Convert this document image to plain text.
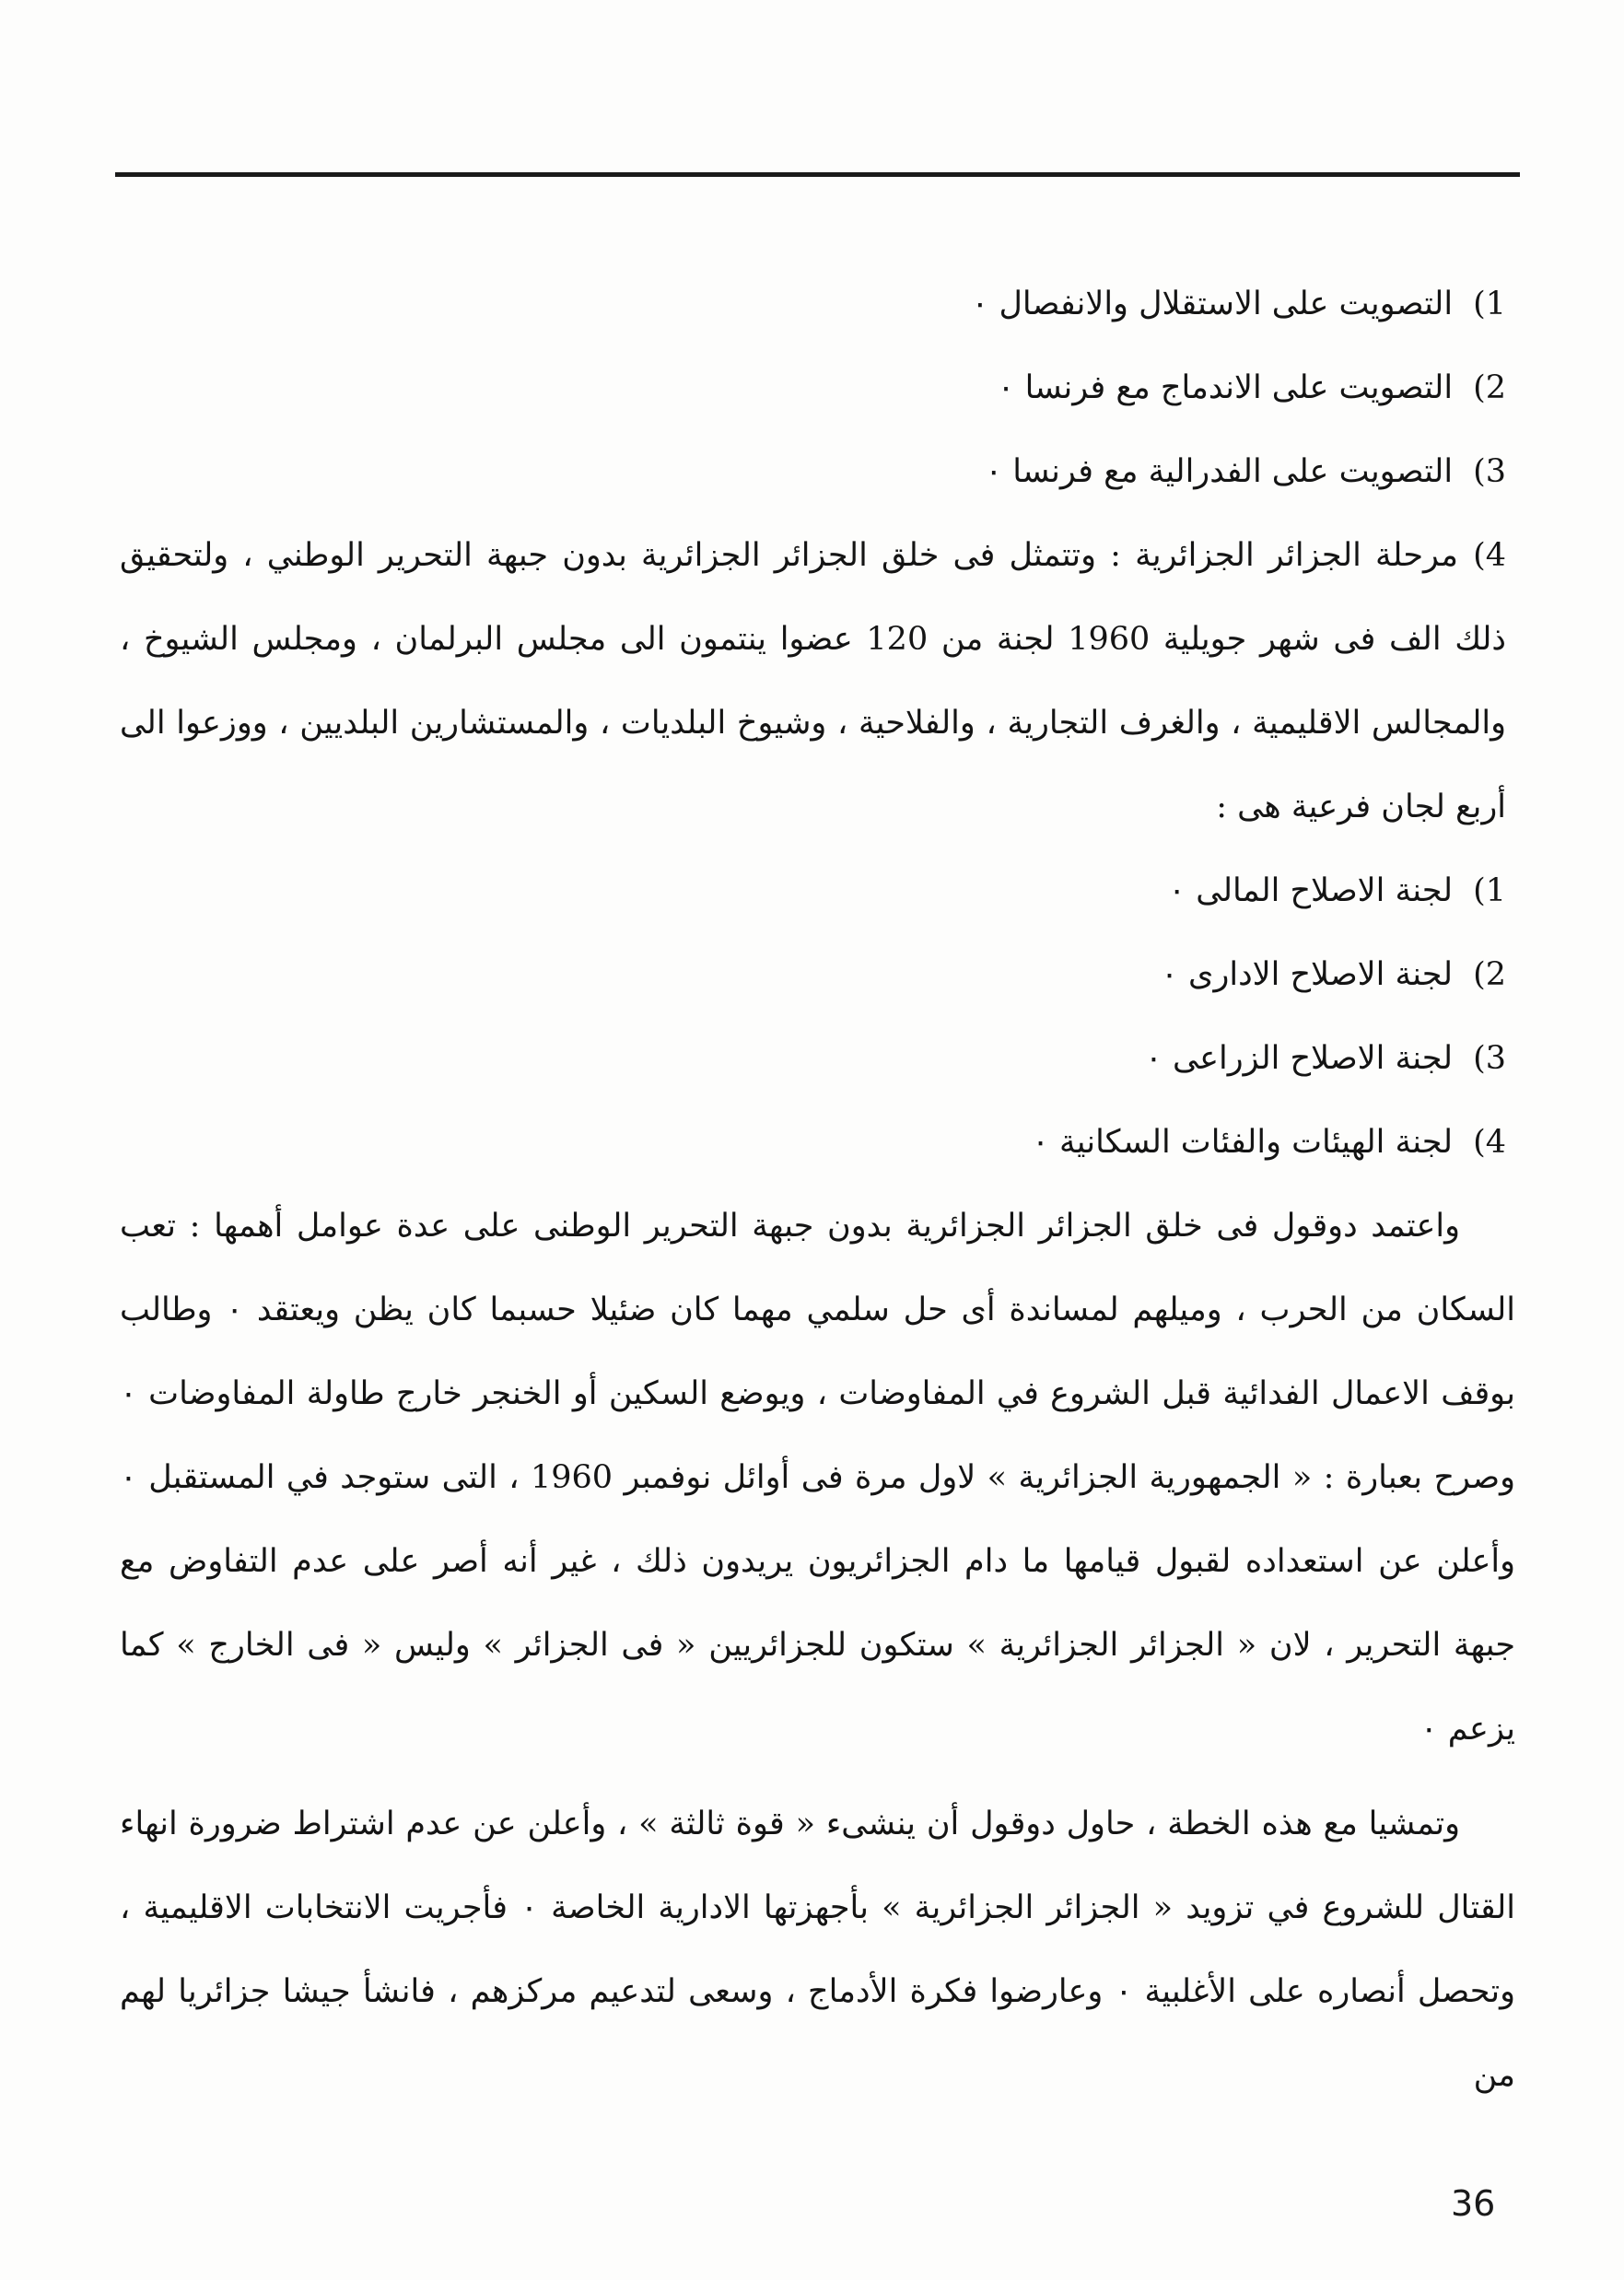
1)التصويت على الاستقلال والانفصال ٠
2)التصويت على الاندماج مع فرنسا ٠
3)التصويت على الفدرالية مع فرنسا ٠

4)مرحلة الجزائر الجزائرية : وتتمثل فى خلق الجزائر الجزائرية بدون جبهة التحرير الوطني ، ولتحقيق ذلك الف فى شهر جويلية 1960 لجنة من 120 عضوا ينتمون الى مجلس البرلمان ، ومجلس الشيوخ ، والمجالس الاقليمية ، والغرف التجارية ، والفلاحية ، وشيوخ البلديات ، والمستشارين البلديين ، ووزعوا الى أربع لجان فرعية هى :

1)لجنة الاصلاح المالى ٠
2)لجنة الاصلاح الادارى ٠
3)لجنة الاصلاح الزراعى ٠
4)لجنة الهيئات والفئات السكانية ٠

واعتمد دوقول فى خلق الجزائر الجزائرية بدون جبهة التحرير الوطنى على عدة عوامل أهمها : تعب السكان من الحرب ، وميلهم لمساندة أى حل سلمي مهما كان ضئيلا حسبما كان يظن ويعتقد ٠ وطالب بوقف الاعمال الفدائية قبل الشروع في المفاوضات ، ويوضع السكين أو الخنجر خارج طاولة المفاوضات ٠ وصرح بعبارة : « الجمهورية الجزائرية » لاول مرة فى أوائل نوفمبر 1960 ، التى ستوجد في المستقبل ٠ وأعلن عن استعداده لقبول قيامها ما دام الجزائريون يريدون ذلك ، غير أنه أصر على عدم التفاوض مع جبهة التحرير ، لان « الجزائر الجزائرية » ستكون للجزائريين « فى الجزائر » وليس « فى الخارج » كما يزعم ٠

وتمشيا مع هذه الخطة ، حاول دوقول أن ينشىء « قوة ثالثة » ، وأعلن عن عدم اشتراط ضرورة انهاء القتال للشروع في تزويد « الجزائر الجزائرية » بأجهزتها الادارية الخاصة ٠ فأجريت الانتخابات الاقليمية ، وتحصل أنصاره على الأغلبية ٠ وعارضوا فكرة الأدماج ، وسعى لتدعيم مركزهم ، فانشأ جيشا جزائريا لهم من

36
